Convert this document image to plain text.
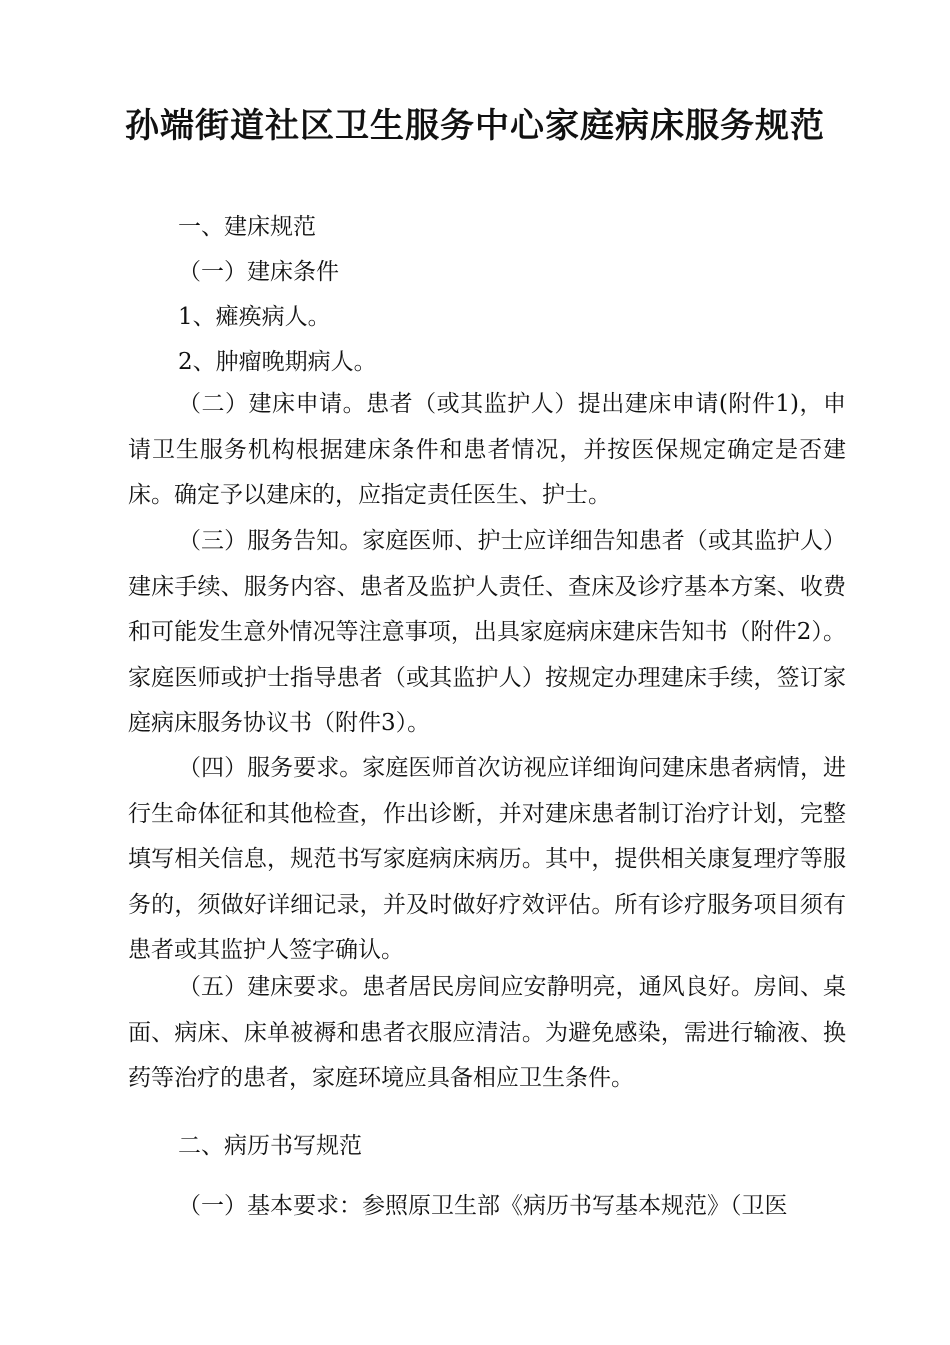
孙端街道社区卫生服务中心家庭病床服务规范

一、建床规范

（一）建床条件

1、瘫痪病人。

2、肿瘤晚期病人。

（二）建床申请。患者（或其监护人）提出建床申请(附件1)，申请卫生服务机构根据建床条件和患者情况，并按医保规定确定是否建床。确定予以建床的，应指定责任医生、护士。

（三）服务告知。家庭医师、护士应详细告知患者（或其监护人）建床手续、服务内容、患者及监护人责任、查床及诊疗基本方案、收费和可能发生意外情况等注意事项，出具家庭病床建床告知书（附件2）。家庭医师或护士指导患者（或其监护人）按规定办理建床手续，签订家庭病床服务协议书（附件3）。

（四）服务要求。家庭医师首次访视应详细询问建床患者病情，进行生命体征和其他检查，作出诊断，并对建床患者制订治疗计划，完整填写相关信息，规范书写家庭病床病历。其中，提供相关康复理疗等服务的，须做好详细记录，并及时做好疗效评估。所有诊疗服务项目须有患者或其监护人签字确认。

（五）建床要求。患者居民房间应安静明亮，通风良好。房间、桌面、病床、床单被褥和患者衣服应清洁。为避免感染，需进行输液、换药等治疗的患者，家庭环境应具备相应卫生条件。

二、病历书写规范

（一）基本要求：参照原卫生部《病历书写基本规范》（卫医
